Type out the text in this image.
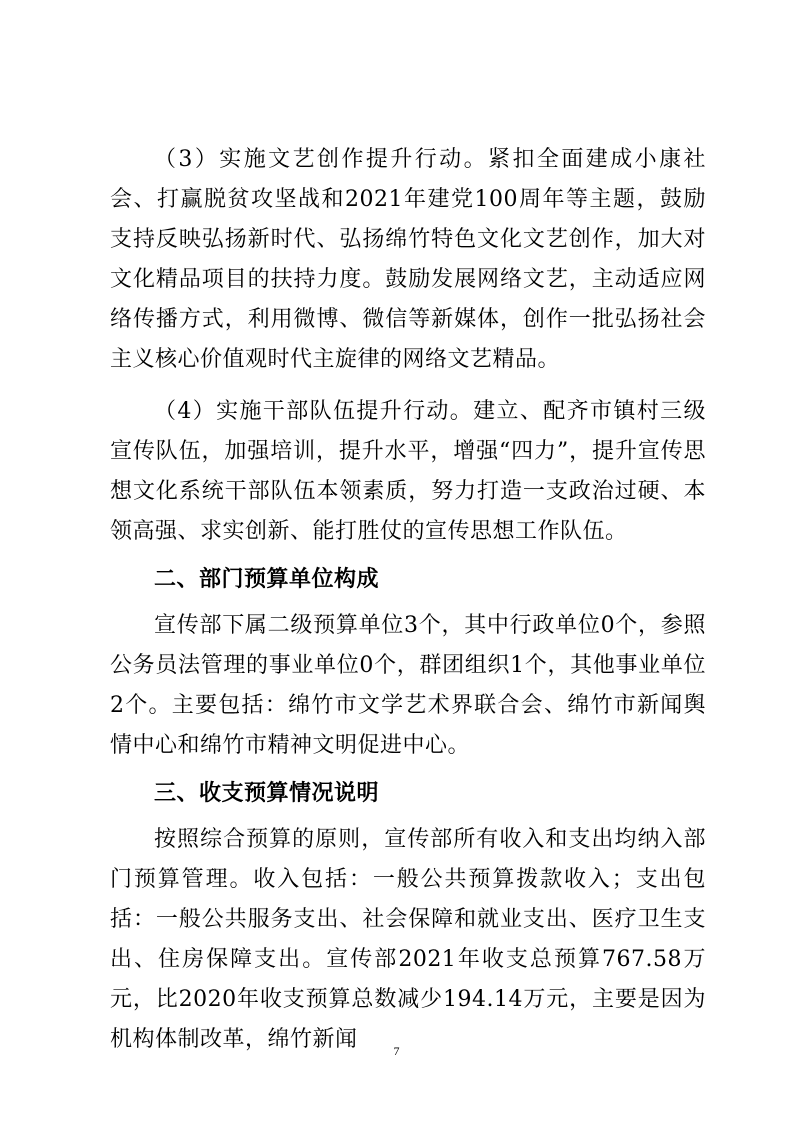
（3）实施文艺创作提升行动。紧扣全面建成小康社会、打赢脱贫攻坚战和2021年建党100周年等主题，鼓励支持反映弘扬新时代、弘扬绵竹特色文化文艺创作，加大对文化精品项目的扶持力度。鼓励发展网络文艺，主动适应网络传播方式，利用微博、微信等新媒体，创作一批弘扬社会主义核心价值观时代主旋律的网络文艺精品。

（4）实施干部队伍提升行动。建立、配齐市镇村三级宣传队伍，加强培训，提升水平，增强“四力”，提升宣传思想文化系统干部队伍本领素质，努力打造一支政治过硬、本领高强、求实创新、能打胜仗的宣传思想工作队伍。

二、部门预算单位构成

宣传部下属二级预算单位3个，其中行政单位0个，参照公务员法管理的事业单位0个，群团组织1个，其他事业单位2个。主要包括：绵竹市文学艺术界联合会、绵竹市新闻舆情中心和绵竹市精神文明促进中心。

三、收支预算情况说明

按照综合预算的原则，宣传部所有收入和支出均纳入部门预算管理。收入包括：一般公共预算拨款收入；支出包括：一般公共服务支出、社会保障和就业支出、医疗卫生支出、住房保障支出。宣传部2021年收支总预算767.58万元，比2020年收支预算总数减少194.14万元，主要是因为机构体制改革，绵竹新闻	7
